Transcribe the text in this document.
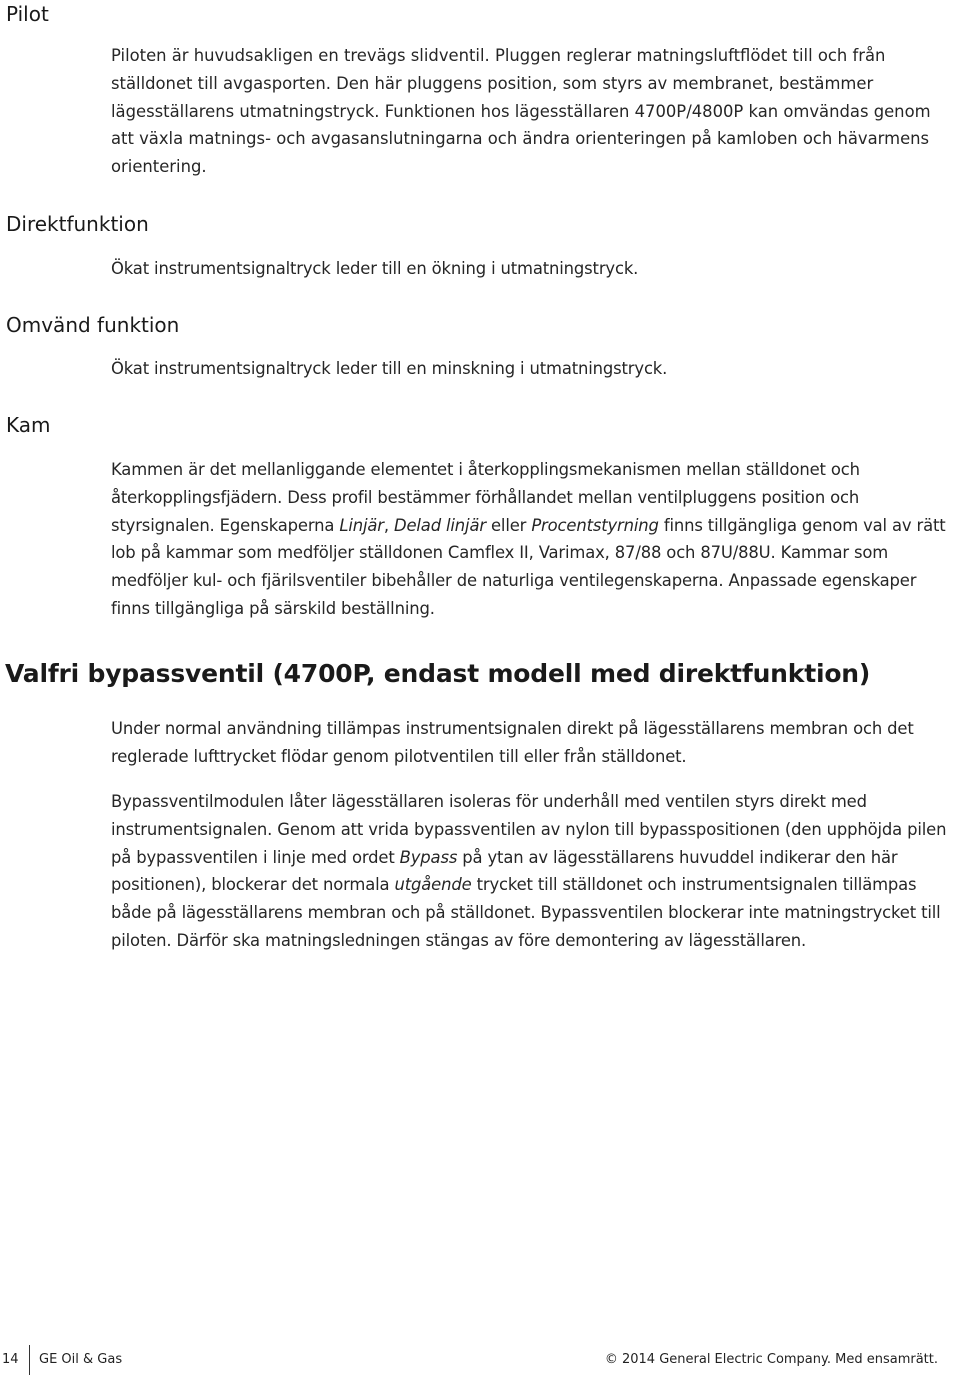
Pilot

Piloten är huvudsakligen en trevägs slidventil. Pluggen reglerar matningsluftflödet till och från ställdonet till avgasporten. Den här pluggens position, som styrs av membranet, bestämmer lägesställarens utmatningstryck. Funktionen hos lägesställaren 4700P/4800P kan omvändas genom att växla matnings- och avgasanslutningarna och ändra orienteringen på kamloben och hävarmens orientering.

Direktfunktion

Ökat instrumentsignaltryck leder till en ökning i utmatningstryck.

Omvänd funktion

Ökat instrumentsignaltryck leder till en minskning i utmatningstryck.

Kam

Kammen är det mellanliggande elementet i återkopplingsmekanismen mellan ställdonet och återkopplingsfjädern. Dess profil bestämmer förhållandet mellan ventilpluggens position och styrsignalen. Egenskaperna Linjär, Delad linjär eller Procentstyrning finns tillgängliga genom val av rätt lob på kammar som medföljer ställdonen Camflex II, Varimax, 87/88 och 87U/88U. Kammar som medföljer kul- och fjärilsventiler bibehåller de naturliga ventilegenskaperna. Anpassade egenskaper finns tillgängliga på särskild beställning.

Valfri bypassventil (4700P, endast modell med direktfunktion)

Under normal användning tillämpas instrumentsignalen direkt på lägesställarens membran och det reglerade lufttrycket flödar genom pilotventilen till eller från ställdonet.

Bypassventilmodulen låter lägesställaren isoleras för underhåll med ventilen styrs direkt med instrumentsignalen. Genom att vrida bypassventilen av nylon till bypasspositionen (den upphöjda pilen på bypassventilen i linje med ordet Bypass på ytan av lägesställarens huvuddel indikerar den här positionen), blockerar det normala utgående trycket till ställdonet och instrumentsignalen tillämpas både på lägesställarens membran och på ställdonet. Bypassventilen blockerar inte matningstrycket till piloten. Därför ska matningsledningen stängas av före demontering av lägesställaren.

14 GE Oil & Gas	© 2014 General Electric Company. Med ensamrätt.
